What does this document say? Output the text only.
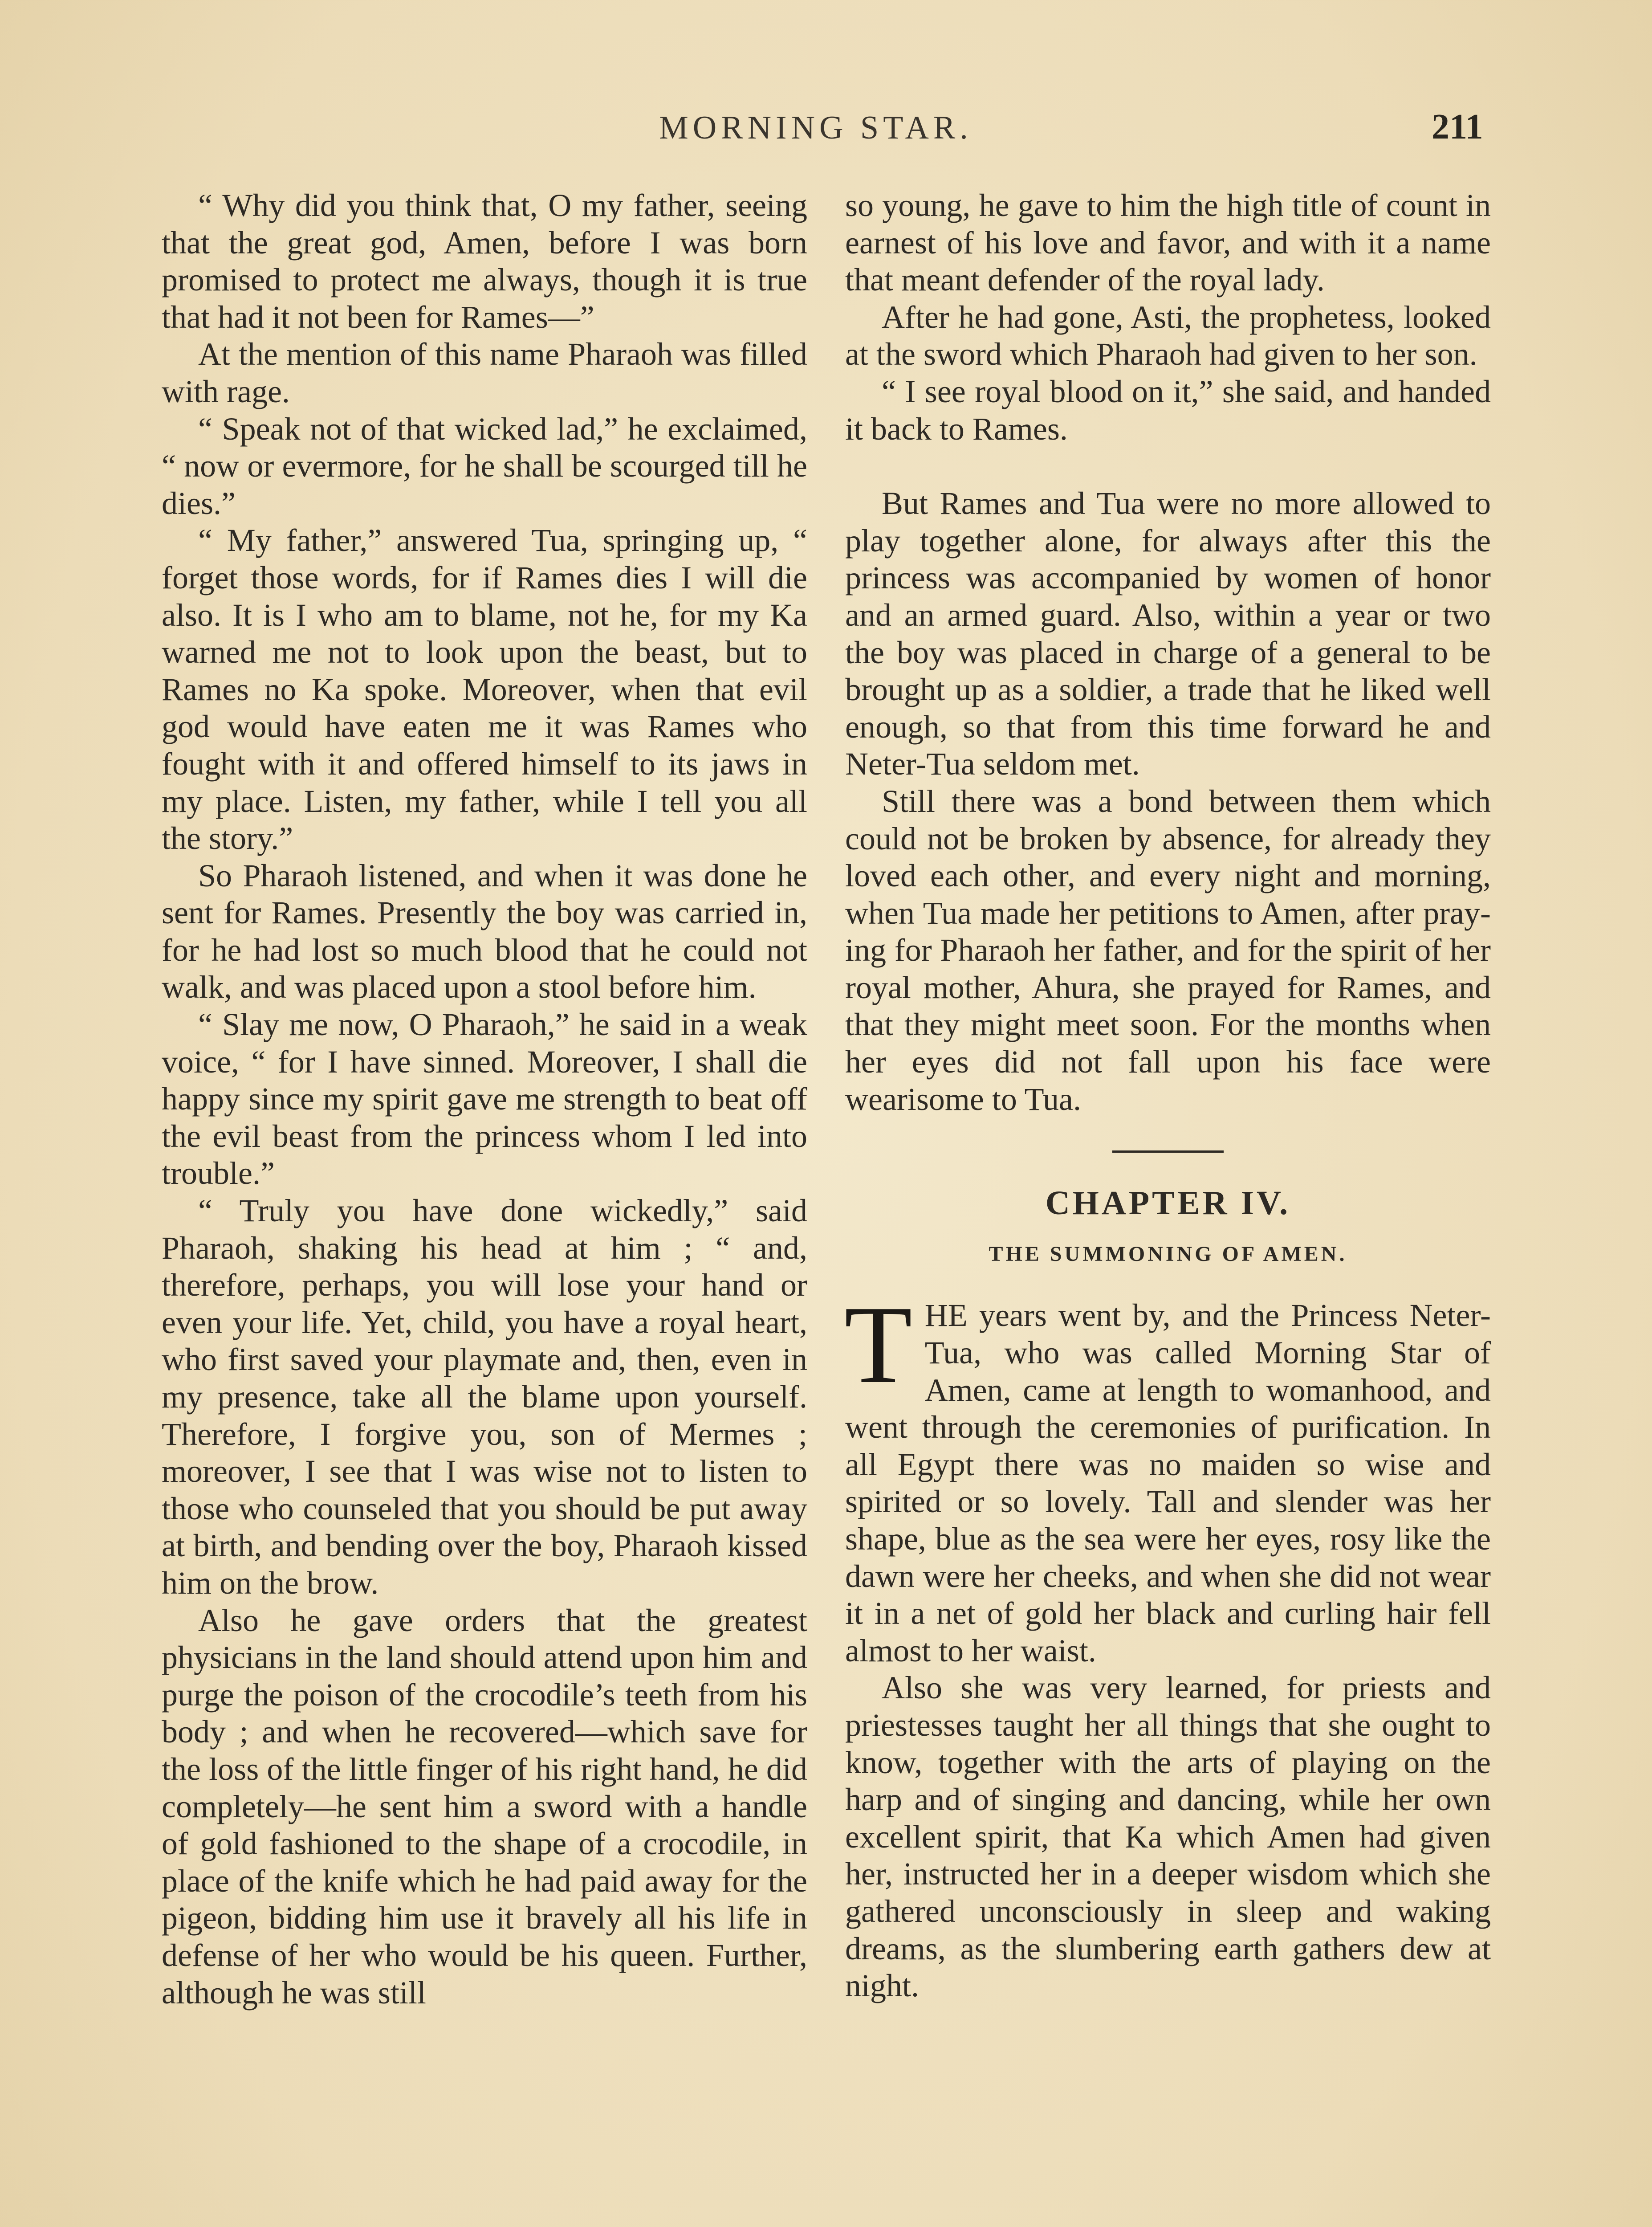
MORNING STAR.	211

“ Why did you think that, O my father, seeing that the great god, Amen, before I was born promised to protect me always, though it is true that had it not been for Rames—”

At the mention of this name Pharaoh was filled with rage.

“ Speak not of that wicked lad,” he exclaimed, “ now or evermore, for he shall be scourged till he dies.”

“ My father,” answered Tua, springing up, “ forget those words, for if Rames dies I will die also. It is I who am to blame, not he, for my Ka warned me not to look upon the beast, but to Rames no Ka spoke. Moreover, when that evil god would have eaten me it was Rames who fought with it and offered himself to its jaws in my place. Listen, my father, while I tell you all the story.”

So Pharaoh listened, and when it was done he sent for Rames. Presently the boy was carried in, for he had lost so much blood that he could not walk, and was placed upon a stool before him.

“ Slay me now, O Pharaoh,” he said in a weak voice, “ for I have sinned. Moreover, I shall die happy since my spirit gave me strength to beat off the evil beast from the princess whom I led into trouble.”

“ Truly you have done wickedly,” said Pharaoh, shaking his head at him ; “ and, therefore, perhaps, you will lose your hand or even your life. Yet, child, you have a royal heart, who first saved your playmate and, then, even in my presence, take all the blame upon yourself. Therefore, I forgive you, son of Mermes ; moreover, I see that I was wise not to listen to those who counseled that you should be put away at birth, and bending over the boy, Pharaoh kissed him on the brow.

Also he gave orders that the greatest physicians in the land should attend upon him and purge the poison of the crocodile’s teeth from his body ; and when he recovered—which save for the loss of the little finger of his right hand, he did completely—he sent him a sword with a handle of gold fashioned to the shape of a crocodile, in place of the knife which he had paid away for the pigeon, bidding him use it bravely all his life in defense of her who would be his queen. Further, although he was still

so young, he gave to him the high title of count in earnest of his love and favor, and with it a name that meant defender of the royal lady.

After he had gone, Asti, the prophetess, looked at the sword which Pharaoh had given to her son.

“ I see royal blood on it,” she said, and handed it back to Rames.

But Rames and Tua were no more allowed to play together alone, for always after this the princess was accompanied by women of honor and an armed guard. Also, within a year or two the boy was placed in charge of a general to be brought up as a soldier, a trade that he liked well enough, so that from this time forward he and Neter-Tua seldom met.

Still there was a bond between them which could not be broken by absence, for already they loved each other, and every night and morning, when Tua made her petitions to Amen, after praying for Pharaoh her father, and for the spirit of her royal mother, Ahura, she prayed for Rames, and that they might meet soon. For the months when her eyes did not fall upon his face were wearisome to Tua.

CHAPTER IV.
THE SUMMONING OF AMEN.

THE years went by, and the Princess Neter-Tua, who was called Morning Star of Amen, came at length to womanhood, and went through the ceremonies of purification. In all Egypt there was no maiden so wise and spirited or so lovely. Tall and slender was her shape, blue as the sea were her eyes, rosy like the dawn were her cheeks, and when she did not wear it in a net of gold her black and curling hair fell almost to her waist.

Also she was very learned, for priests and priestesses taught her all things that she ought to know, together with the arts of playing on the harp and of singing and dancing, while her own excellent spirit, that Ka which Amen had given her, instructed her in a deeper wisdom which she gathered unconsciously in sleep and waking dreams, as the slumbering earth gathers dew at night.
